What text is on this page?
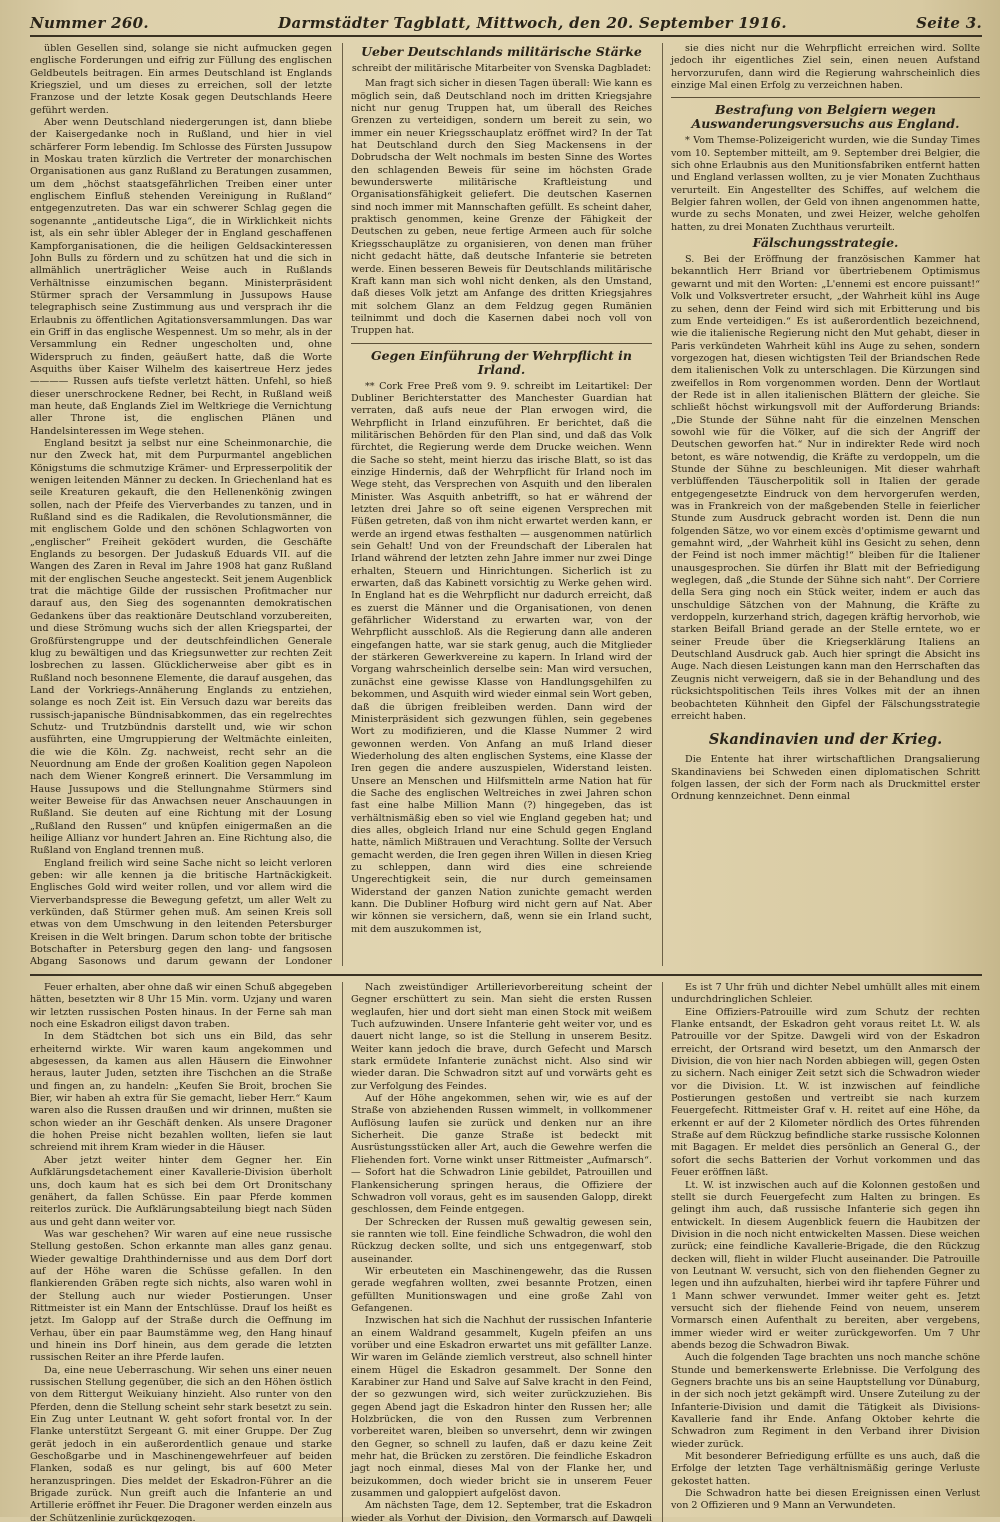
Nummer 260.	Darmstädter Tagblatt, Mittwoch, den 20. September 1916.	Seite 3.

üblen Gesellen sind, solange sie nicht aufmucken gegen englische Forderungen und eifrig zur Füllung des englischen Geldbeutels beitragen. Ein armes Deutschland ist Englands Kriegsziel, und um dieses zu erreichen, soll der letzte Franzose und der letzte Kosak gegen Deutschlands Heere geführt werden.

Aber wenn Deutschland niedergerungen ist, dann bliebe der Kaisergedanke noch in Rußland, und hier in viel schärferer Form lebendig. Im Schlosse des Fürsten Jussupow in Moskau traten kürzlich die Vertreter der monarchischen Organisationen aus ganz Rußland zu Beratungen zusammen, um dem „höchst staatsgefährlichen Treiben einer unter englischem Einfluß stehenden Vereinigung in Rußland“ entgegenzutreten. Das war ein schwerer Schlag gegen die sogenannte „antideutsche Liga“, die in Wirklichkeit nichts ist, als ein sehr übler Ableger der in England geschaffenen Kampforganisationen, die die heiligen Geldsackinteressen John Bulls zu fördern und zu schützen hat und die sich in allmählich unerträglicher Weise auch in Rußlands Verhältnisse einzumischen begann. Ministerpräsident Stürmer sprach der Versammlung in Jussupows Hause telegraphisch seine Zustimmung aus und versprach ihr die Erlaubnis zu öffentlichen Agitationsversammlungen. Das war ein Griff in das englische Wespennest. Um so mehr, als in der Versammlung ein Redner ungescholten und, ohne Widerspruch zu finden, geäußert hatte, daß die Worte Asquiths über Kaiser Wilhelm des kaisertreue Herz jedes ———— Russen aufs tiefste verletzt hätten. Unfehl, so hieß dieser unerschrockene Redner, bei Recht, in Rußland weiß man heute, daß Englands Ziel im Weltkriege die Vernichtung aller Throne ist, die englischen Plänen und Handelsinteressen im Wege stehen.

England besitzt ja selbst nur eine Scheinmonarchie, die nur den Zweck hat, mit dem Purpurmantel angeblichen Königstums die schmutzige Krämer- und Erpresserpolitik der wenigen leitenden Männer zu decken. In Griechenland hat es seile Kreaturen gekauft, die den Hellenenkönig zwingen sollen, nach der Pfeife des Vierverbandes zu tanzen, und in Rußland sind es die Radikalen, die Revolutionsmänner, die mit englischem Golde und den schönen Schlagworten von „englischer“ Freiheit geködert wurden, die Geschäfte Englands zu besorgen. Der Judaskuß Eduards VII. auf die Wangen des Zaren in Reval im Jahre 1908 hat ganz Rußland mit der englischen Seuche angesteckt. Seit jenem Augenblick trat die mächtige Gilde der russischen Profitmacher nur darauf aus, den Sieg des sogenannten demokratischen Gedankens über das reaktionäre Deutschland vorzubereiten, und diese Strömung wuchs sich der allen Kriegspartei, der Großfürstengruppe und der deutschfeindlichen Generale klug zu bewältigen und das Kriegsunwetter zur rechten Zeit losbrechen zu lassen. Glücklicherweise aber gibt es in Rußland noch besonnene Elemente, die darauf ausgehen, das Land der Vorkriegs-Annäherung Englands zu entziehen, solange es noch Zeit ist. Ein Versuch dazu war bereits das russisch-japanische Bündnisabkommen, das ein regelrechtes Schutz- und Trutzbündnis darstellt und, wie wir schon ausführten, eine Umgruppierung der Weltmächte einleiten, die wie die Köln. Zg. nachweist, recht sehr an die Neuordnung am Ende der großen Koalition gegen Napoleon nach dem Wiener Kongreß erinnert. Die Versammlung im Hause Jussupows und die Stellungnahme Stürmers sind weiter Beweise für das Anwachsen neuer Anschauungen in Rußland. Sie deuten auf eine Richtung mit der Losung „Rußland den Russen“ und knüpfen einigermaßen an die heilige Allianz vor hundert Jahren an. Eine Richtung also, die Rußland von England trennen muß.

England freilich wird seine Sache nicht so leicht verloren geben: wir alle kennen ja die britische Hartnäckigkeit. Englisches Gold wird weiter rollen, und vor allem wird die Vierverbandspresse die Bewegung gefetzt, um aller Welt zu verkünden, daß Stürmer gehen muß. Am seinen Kreis soll etwas von dem Umschwung in den leitenden Petersburger Kreisen in die Welt bringen. Darum schon tobte der britische Botschafter in Petersburg gegen den lang- und fangsosen Abgang Sasonows und darum gewann der Londoner

Ueber Deutschlands militärische Stärke
schreibt der militärische Mitarbeiter von Svenska Dagbladet:

Man fragt sich sicher in diesen Tagen überall: Wie kann es möglich sein, daß Deutschland noch im dritten Kriegsjahre nicht nur genug Truppen hat, um überall des Reiches Grenzen zu verteidigen, sondern um bereit zu sein, wo immer ein neuer Kriegsschauplatz eröffnet wird? In der Tat hat Deutschland durch den Sieg Mackensens in der Dobrudscha der Welt nochmals im besten Sinne des Wortes den schlagenden Beweis für seine im höchsten Grade bewunderswerte militärische Kraftleistung und Organisationsfähigkeit geliefert. Die deutschen Kasernen sind noch immer mit Mannschaften gefüllt. Es scheint daher, praktisch genommen, keine Grenze der Fähigkeit der Deutschen zu geben, neue fertige Armeen auch für solche Kriegsschauplätze zu organisieren, von denen man früher nicht gedacht hätte, daß deutsche Infanterie sie betreten werde. Einen besseren Beweis für Deutschlands militärische Kraft kann man sich wohl nicht denken, als den Umstand, daß dieses Volk jetzt am Anfange des dritten Kriegsjahres mit solchem Glanz an dem Feldzug gegen Rumänien teilnimmt und doch die Kasernen dabei noch voll von Truppen hat.

Gegen Einführung der Wehrpflicht in Irland.

** Cork Free Preß vom 9. 9. schreibt im Leitartikel: Der Dubliner Berichterstatter des Manchester Guardian hat verraten, daß aufs neue der Plan erwogen wird, die Wehrpflicht in Irland einzuführen. Er berichtet, daß die militärischen Behörden für den Plan sind, und daß das Volk fürchtet, die Regierung werde dem Drucke weichen. Wenn die Sache so steht, meint hierzu das irische Blatt, so ist das einzige Hindernis, daß der Wehrpflicht für Irland noch im Wege steht, das Versprechen von Asquith und den liberalen Minister. Was Asquith anbetrifft, so hat er während der letzten drei Jahre so oft seine eigenen Versprechen mit Füßen getreten, daß von ihm nicht erwartet werden kann, er werde an irgend etwas festhalten — ausgenommen natürlich sein Gehalt! Und von der Freundschaft der Liberalen hat Irland während der letzten zehn Jahre immer nur zwei Dinge erhalten, Steuern und Hinrichtungen. Sicherlich ist zu erwarten, daß das Kabinett vorsichtig zu Werke gehen wird. In England hat es die Wehrpflicht nur dadurch erreicht, daß es zuerst die Männer und die Organisationen, von denen gefährlicher Widerstand zu erwarten war, von der Wehrpflicht ausschloß. Als die Regierung dann alle anderen eingefangen hatte, war sie stark genug, auch die Mitglieder der stärkeren Gewerkvereine zu kapern. In Irland wird der Vorgang wahrscheinlich derselbe sein: Man wird versuchen, zunächst eine gewisse Klasse von Handlungsgehilfen zu bekommen, und Asquith wird wieder einmal sein Wort geben, daß die übrigen freibleiben werden. Dann wird der Ministerpräsident sich gezwungen fühlen, sein gegebenes Wort zu modifizieren, und die Klasse Nummer 2 wird gewonnen werden. Von Anfang an muß Irland dieser Wiederholung des alten englischen Systems, eine Klasse der Iren gegen die andere auszuspielen, Widerstand leisten. Unsere an Menschen und Hilfsmitteln arme Nation hat für die Sache des englischen Weltreiches in zwei Jahren schon fast eine halbe Million Mann (?) hingegeben, das ist verhältnismäßig eben so viel wie England gegeben hat; und dies alles, obgleich Irland nur eine Schuld gegen England hatte, nämlich Mißtrauen und Verachtung. Sollte der Versuch gemacht werden, die Iren gegen ihren Willen in diesen Krieg zu schleppen, dann wird dies eine schreiende Ungerechtigkeit sein, die nur durch gemeinsamen Widerstand der ganzen Nation zunichte gemacht werden kann. Die Dubliner Hofburg wird nicht gern auf Nat. Aber wir können sie versichern, daß, wenn sie ein Irland sucht, mit dem auszukommen ist,

sie dies nicht nur die Wehrpflicht erreichen wird. Sollte jedoch ihr eigentliches Ziel sein, einen neuen Aufstand hervorzurufen, dann wird die Regierung wahrscheinlich dies einzige Mal einen Erfolg zu verzeichnen haben.

Bestrafung von Belgiern wegen Auswanderungsversuchs aus England.

* Vom Themse-Polizeigericht wurden, wie die Sunday Times vom 10. September mitteilt, am 9. September drei Belgier, die sich ohne Erlaubnis aus den Munitionsfabriken entfernt hatten und England verlassen wollten, zu je vier Monaten Zuchthaus verurteilt. Ein Angestellter des Schiffes, auf welchem die Belgier fahren wollen, der Geld von ihnen angenommen hatte, wurde zu sechs Monaten, und zwei Heizer, welche geholfen hatten, zu drei Monaten Zuchthaus verurteilt.

Fälschungsstrategie.

S. Bei der Eröffnung der französischen Kammer hat bekanntlich Herr Briand vor übertriebenem Optimismus gewarnt und mit den Worten: „L'ennemi est encore puissant!“ Volk und Volksvertreter ersucht, „der Wahrheit kühl ins Auge zu sehen, denn der Feind wird sich mit Erbitterung und bis zum Ende verteidigen.“ Es ist außerordentlich bezeichnend, wie die italienische Regierung nicht den Mut gehabt, dieser in Paris verkündeten Wahrheit kühl ins Auge zu sehen, sondern vorgezogen hat, diesen wichtigsten Teil der Briandschen Rede dem italienischen Volk zu unterschlagen. Die Kürzungen sind zweifellos in Rom vorgenommen worden. Denn der Wortlaut der Rede ist in allen italienischen Blättern der gleiche. Sie schließt höchst wirkungsvoll mit der Aufforderung Briands: „Die Stunde der Sühne naht für die einzelnen Menschen sowohl wie für die Völker, auf die sich der Angriff der Deutschen geworfen hat.“ Nur in indirekter Rede wird noch betont, es wäre notwendig, die Kräfte zu verdoppeln, um die Stunde der Sühne zu beschleunigen. Mit dieser wahrhaft verblüffenden Täuscherpolitik soll in Italien der gerade entgegengesetzte Eindruck von dem hervorgerufen werden, was in Frankreich von der maßgebenden Stelle in feierlicher Stunde zum Ausdruck gebracht worden ist. Denn die nun folgenden Sätze, wo vor einem excès d'optimisme gewarnt und gemahnt wird, „der Wahrheit kühl ins Gesicht zu sehen, denn der Feind ist noch immer mächtig!“ bleiben für die Italiener unausgesprochen. Sie dürfen ihr Blatt mit der Befriedigung weglegen, daß „die Stunde der Sühne sich naht“. Der Corriere della Sera ging noch ein Stück weiter, indem er auch das unschuldige Sätzchen von der Mahnung, die Kräfte zu verdoppeln, kurzerhand strich, dagegen kräftig hervorhob, wie starken Beifall Briand gerade an der Stelle erntete, wo er seiner Freude über die Kriegserklärung Italiens an Deutschland Ausdruck gab. Auch hier springt die Absicht ins Auge. Nach diesen Leistungen kann man den Herrschaften das Zeugnis nicht verweigern, daß sie in der Behandlung und des rücksichtspolitischen Teils ihres Volkes mit der an ihnen beobachteten Kühnheit den Gipfel der Fälschungsstrategie erreicht haben.

Skandinavien und der Krieg.

Die Entente hat ihrer wirtschaftlichen Drangsalierung Skandinaviens bei Schweden einen diplomatischen Schritt folgen lassen, der sich der Form nach als Druckmittel erster Ordnung kennzeichnet. Denn einmal

Feuer erhalten, aber ohne daß wir einen Schuß abgegeben hätten, besetzten wir 8 Uhr 15 Min. vorm. Uzjany und waren wir letzten russischen Posten hinaus. In der Ferne sah man noch eine Eskadron eiligst davon traben.

In dem Städtchen bot sich uns ein Bild, das sehr erheiternd wirkte. Wir waren kaum angekommen und abgesessen, da kamen aus allen Häusern die Einwohner heraus, lauter Juden, setzten ihre Tischchen an die Straße und fingen an, zu handeln: „Keufen Sie Broit, brochen Sie Bier, wir haben ah extra für Sie gemacht, lieber Herr.“ Kaum waren also die Russen draußen und wir drinnen, mußten sie schon wieder an ihr Geschäft denken. Als unsere Dragoner die hohen Preise nicht bezahlen wollten, liefen sie laut schreiend mit ihrem Kram wieder in die Häuser.

Aber jetzt weiter hinter dem Gegner her. Ein Aufklärungsdetachement einer Kavallerie-Division überholt uns, doch kaum hat es sich bei dem Ort Dronitschany genähert, da fallen Schüsse. Ein paar Pferde kommen reiterlos zurück. Die Aufklärungsabteilung biegt nach Süden aus und geht dann weiter vor.

Was war geschehen? Wir waren auf eine neue russische Stellung gestoßen. Schon erkannte man alles ganz genau. Wieder gewaltige Drahthindernisse und aus dem Dorf dort auf der Höhe waren die Schüsse gefallen. In den flankierenden Gräben regte sich nichts, also waren wohl in der Stellung auch nur wieder Postierungen. Unser Rittmeister ist ein Mann der Entschlüsse. Drauf los heißt es jetzt. Im Galopp auf der Straße durch die Oeffnung im Verhau, über ein paar Baumstämme weg, den Hang hinauf und hinein ins Dorf hinein, aus dem gerade die letzten russischen Reiter an ihre Pferde laufen.

Da, eine neue Ueberraschung. Wir sehen uns einer neuen russischen Stellung gegenüber, die sich an den Höhen östlich von dem Rittergut Weikuiany hinzieht. Also runter von den Pferden, denn die Stellung scheint sehr stark besetzt zu sein. Ein Zug unter Leutnant W. geht sofort frontal vor. In der Flanke unterstützt Sergeant G. mit einer Gruppe. Der Zug gerät jedoch in ein außerordentlich genaue und starke Geschoßgarbe und in Maschinengewehrfeuer auf beiden Flanken, sodaß es nur gelingt, bis auf 600 Meter heranzuspringen. Dies meldet der Eskadron-Führer an die Brigade zurück. Nun greift auch die Infanterie an und Artillerie eröffnet ihr Feuer. Die Dragoner werden einzeln aus der Schützenlinie zurückgezogen.

Nach zweistündiger Artillerievorbereitung scheint der Gegner erschüttert zu sein. Man sieht die ersten Russen weglaufen, hier und dort sieht man einen Stock mit weißem Tuch aufzuwinden. Unsere Infanterie geht weiter vor, und es dauert nicht lange, so ist die Stellung in unserem Besitz. Weiter kann jedoch die brave, durch Gefecht und Marsch stark ermüdete Infanterie zunächst nicht. Also sind wir wieder daran. Die Schwadron sitzt auf und vorwärts geht es zur Verfolgung des Feindes.

Auf der Höhe angekommen, sehen wir, wie es auf der Straße von abziehenden Russen wimmelt, in vollkommener Auflösung laufen sie zurück und denken nur an ihre Sicherheit. Die ganze Straße ist bedeckt mit Ausrüstungsstücken aller Art, auch die Gewehre werfen die Fliehenden fort. Vorne winkt unser Rittmeister „Aufmarsch“. — Sofort hat die Schwadron Linie gebildet, Patrouillen und Flankensicherung springen heraus, die Offiziere der Schwadron voll voraus, geht es im sausenden Galopp, direkt geschlossen, dem Feinde entgegen.

Der Schrecken der Russen muß gewaltig gewesen sein, sie rannten wie toll. Eine feindliche Schwadron, die wohl den Rückzug decken sollte, und sich uns entgegenwarf, stob auseinander.

Wir erbeuteten ein Maschinengewehr, das die Russen gerade wegfahren wollten, zwei besannte Protzen, einen gefüllten Munitionswagen und eine große Zahl von Gefangenen.

Inzwischen hat sich die Nachhut der russischen Infanterie an einem Waldrand gesammelt, Kugeln pfeifen an uns vorüber und eine Eskadron erwartet uns mit gefällter Lanze. Wir waren im Gelände ziemlich verstreut, also schnell hinter einem Hügel die Eskadron gesammelt. Der Sonne den Karabiner zur Hand und Salve auf Salve kracht in den Feind, der so gezwungen wird, sich weiter zurückzuziehen. Bis gegen Abend jagt die Eskadron hinter den Russen her; alle Holzbrücken, die von den Russen zum Verbrennen vorbereitet waren, bleiben so unversehrt, denn wir zwingen den Gegner, so schnell zu laufen, daß er dazu keine Zeit mehr hat, die Brücken zu zerstören. Die feindliche Eskadron jagt noch einmal, dieses Mal von der Flanke her, und beizukommen, doch wieder bricht sie in unserem Feuer zusammen und galoppiert aufgelöst davon.

Am nächsten Tage, dem 12. September, trat die Eskadron wieder als Vorhut der Division, den Vormarsch auf Dawgeli

Es ist 7 Uhr früh und dichter Nebel umhüllt alles mit einem undurchdringlichen Schleier.

Eine Offiziers-Patrouille wird zum Schutz der rechten Flanke entsandt, der Eskadron geht voraus reitet Lt. W. als Patrouille vor der Spitze. Dawgeli wird von der Eskadron erreicht, der Ortsrand wird besetzt, um den Anmarsch der Division, die von hier nach Norden abbiegen will, gegen Osten zu sichern. Nach einiger Zeit setzt sich die Schwadron wieder vor die Division. Lt. W. ist inzwischen auf feindliche Postierungen gestoßen und vertreibt sie nach kurzem Feuergefecht. Rittmeister Graf v. H. reitet auf eine Höhe, da erkennt er auf der 2 Kilometer nördlich des Ortes führenden Straße auf dem Rückzug befindliche starke russische Kolonnen mit Bagagen. Er meldet dies persönlich an General G., der sofort die sechs Batterien der Vorhut vorkommen und das Feuer eröffnen läßt.

Lt. W. ist inzwischen auch auf die Kolonnen gestoßen und stellt sie durch Feuergefecht zum Halten zu bringen. Es gelingt ihm auch, daß russische Infanterie sich gegen ihn entwickelt. In diesem Augenblick feuern die Haubitzen der Division in die noch nicht entwickelten Massen. Diese weichen zurück; eine feindliche Kavallerie-Brigade, die den Rückzug decken will, flieht in wilder Flucht auseinander. Die Patrouille von Leutnant W. versucht, sich von den fliehenden Gegner zu legen und ihn aufzuhalten, hierbei wird ihr tapfere Führer und 1 Mann schwer verwundet. Immer weiter geht es. Jetzt versucht sich der fliehende Feind von neuem, unserem Vormarsch einen Aufenthalt zu bereiten, aber vergebens, immer wieder wird er weiter zurückgeworfen. Um 7 Uhr abends bezog die Schwadron Biwak.

Auch die folgenden Tage brachten uns noch manche schöne Stunde und bemerkenswerte Erlebnisse. Die Verfolgung des Gegners brachte uns bis an seine Hauptstellung vor Dünaburg, in der sich noch jetzt gekämpft wird. Unsere Zuteilung zu der Infanterie-Division und damit die Tätigkeit als Divisions-Kavallerie fand ihr Ende. Anfang Oktober kehrte die Schwadron zum Regiment in den Verband ihrer Division wieder zurück.

Mit besonderer Befriedigung erfüllte es uns auch, daß die Erfolge der letzten Tage verhältnismäßig geringe Verluste gekostet hatten.

Die Schwadron hatte bei diesen Ereignissen einen Verlust von 2 Offizieren und 9 Mann an Verwundeten.
